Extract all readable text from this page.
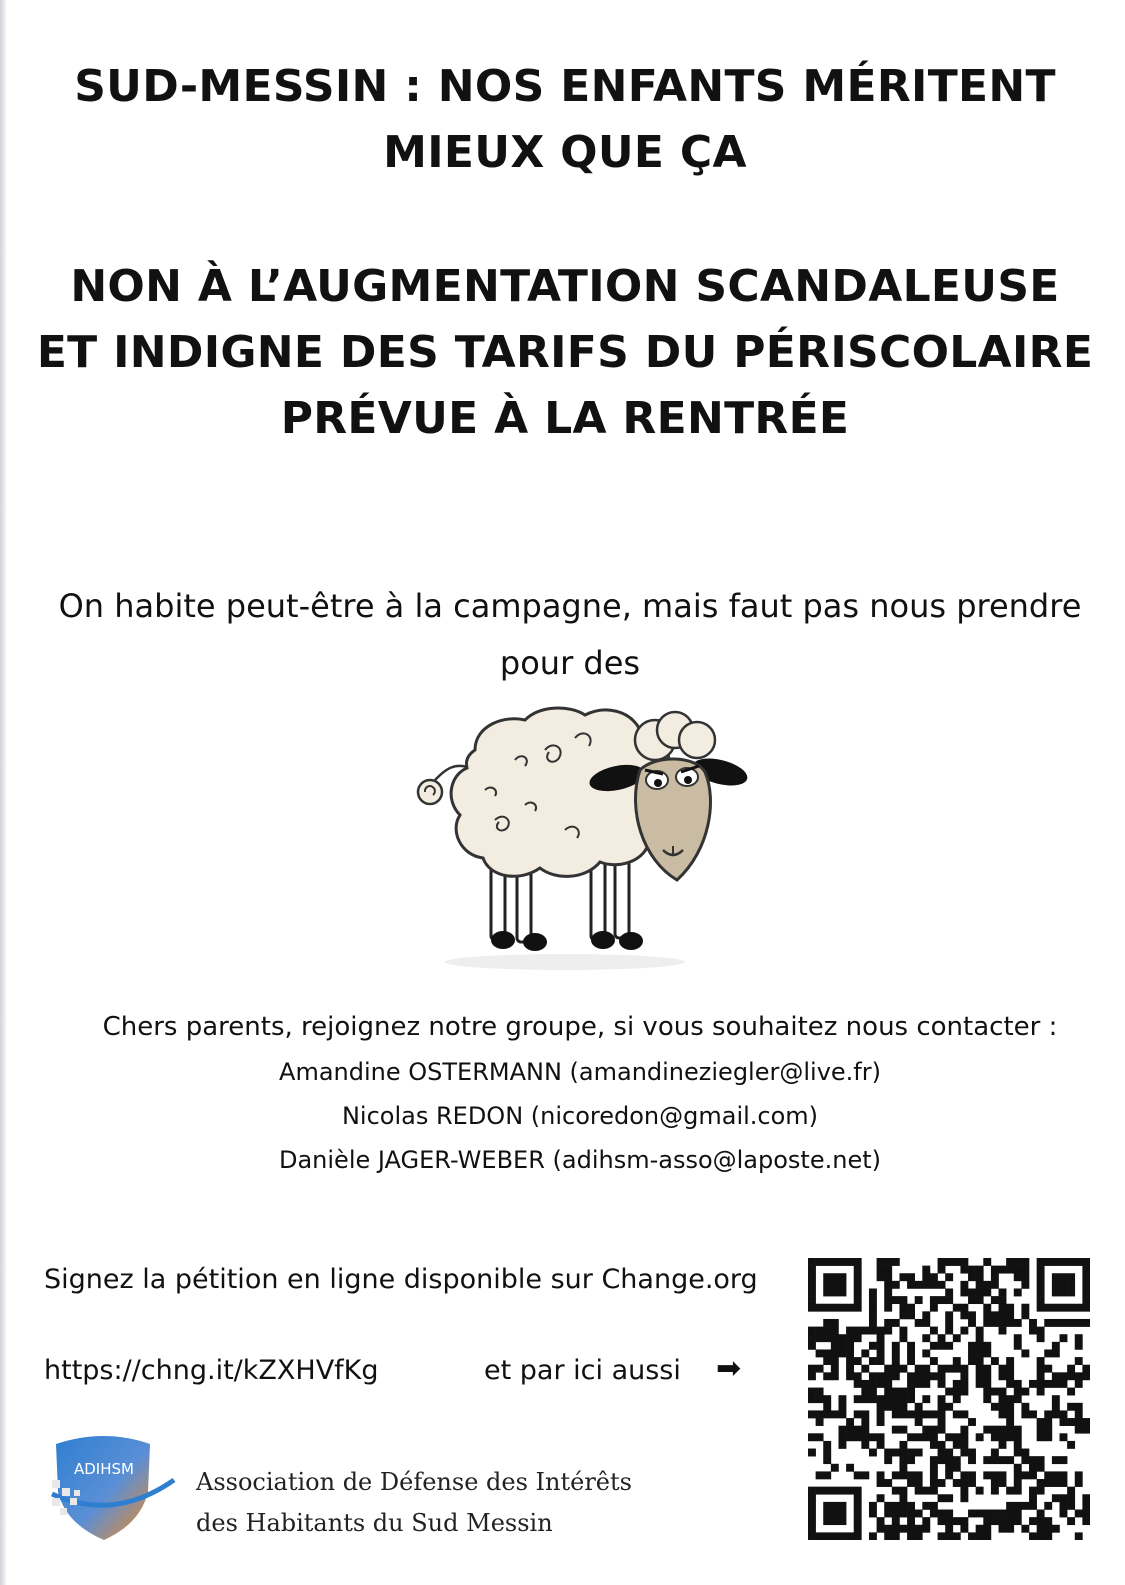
SUD-MESSIN : NOS ENFANTS MÉRITENT
MIEUX QUE ÇA
NON À L’AUGMENTATION SCANDALEUSE
ET INDIGNE DES TARIFS DU PÉRISCOLAIRE
PRÉVUE À LA RENTRÉE

On habite peut-être à la campagne, mais faut pas nous prendre
pour des

Chers parents, rejoignez notre groupe, si vous souhaitez nous contacter :
Amandine OSTERMANN (amandineziegler@live.fr)
Nicolas REDON (nicoredon@gmail.com)
Danièle JAGER-WEBER (adihsm-asso@laposte.net)
Signez la pétition en ligne disponible sur Change.org
https://chng.it/kZXHVfKg	et par ici aussi ➡
ADIHSM	Association de Défense des Intérêts
des Habitants du Sud Messin
